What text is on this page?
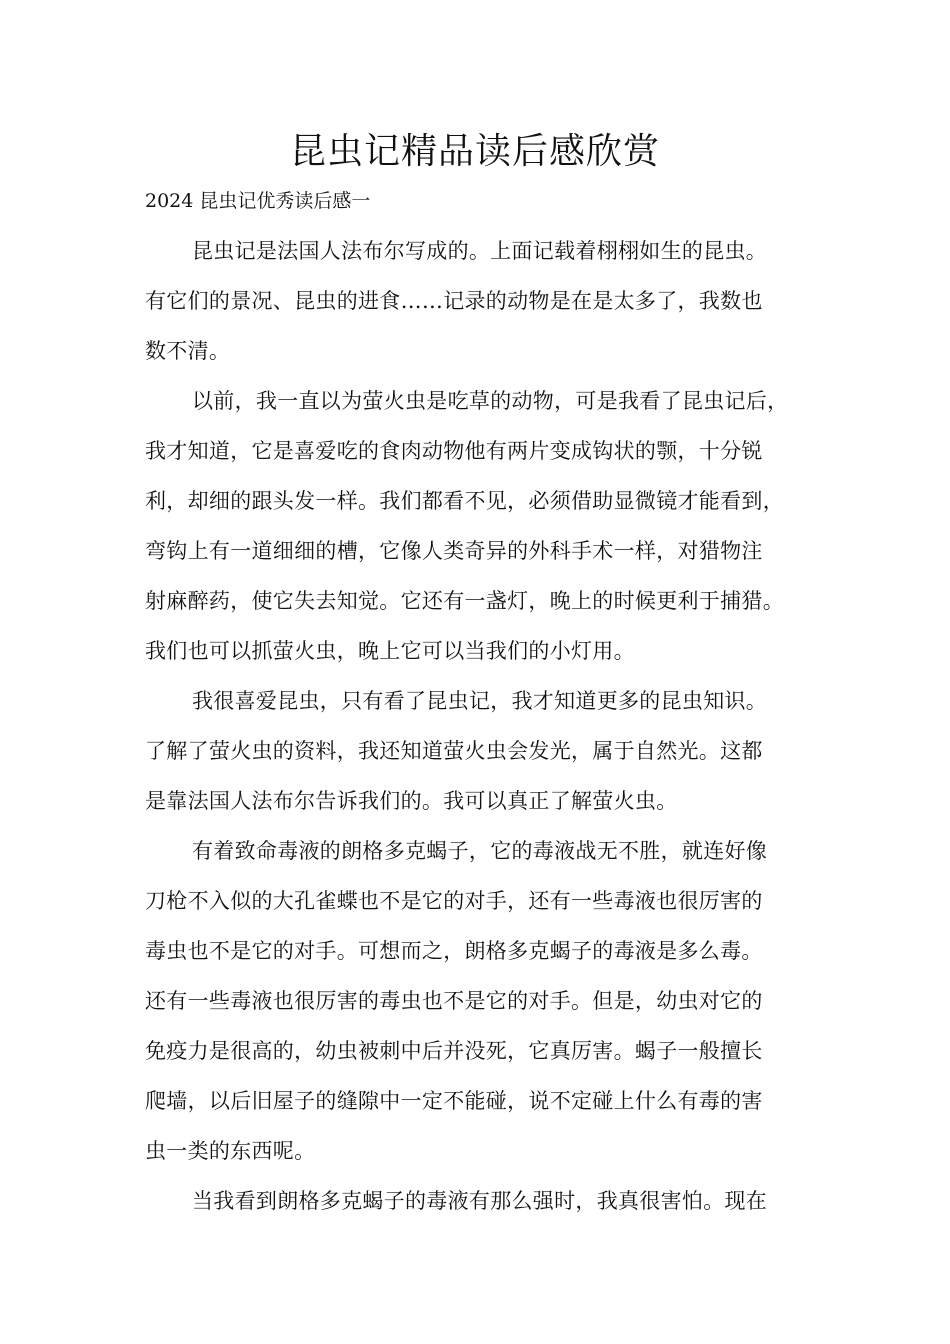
昆虫记精品读后感欣赏

2024 昆虫记优秀读后感一

昆虫记是法国人法布尔写成的。上面记载着栩栩如生的昆虫。

有它们的景况、昆虫的进食……记录的动物是在是太多了，我数也

数不清。

以前，我一直以为萤火虫是吃草的动物，可是我看了昆虫记后，

我才知道，它是喜爱吃的食肉动物他有两片变成钩状的颚，十分锐

利，却细的跟头发一样。我们都看不见，必须借助显微镜才能看到，

弯钩上有一道细细的槽，它像人类奇异的外科手术一样，对猎物注

射麻醉药，使它失去知觉。它还有一盏灯，晚上的时候更利于捕猎。

我们也可以抓萤火虫，晚上它可以当我们的小灯用。

我很喜爱昆虫，只有看了昆虫记，我才知道更多的昆虫知识。

了解了萤火虫的资料，我还知道萤火虫会发光，属于自然光。这都

是靠法国人法布尔告诉我们的。我可以真正了解萤火虫。

有着致命毒液的朗格多克蝎子，它的毒液战无不胜，就连好像

刀枪不入似的大孔雀蝶也不是它的对手，还有一些毒液也很厉害的

毒虫也不是它的对手。可想而之，朗格多克蝎子的毒液是多么毒。

还有一些毒液也很厉害的毒虫也不是它的对手。但是，幼虫对它的

免疫力是很高的，幼虫被刺中后并没死，它真厉害。蝎子一般擅长

爬墙，以后旧屋子的缝隙中一定不能碰，说不定碰上什么有毒的害

虫一类的东西呢。

当我看到朗格多克蝎子的毒液有那么强时，我真很害怕。现在
